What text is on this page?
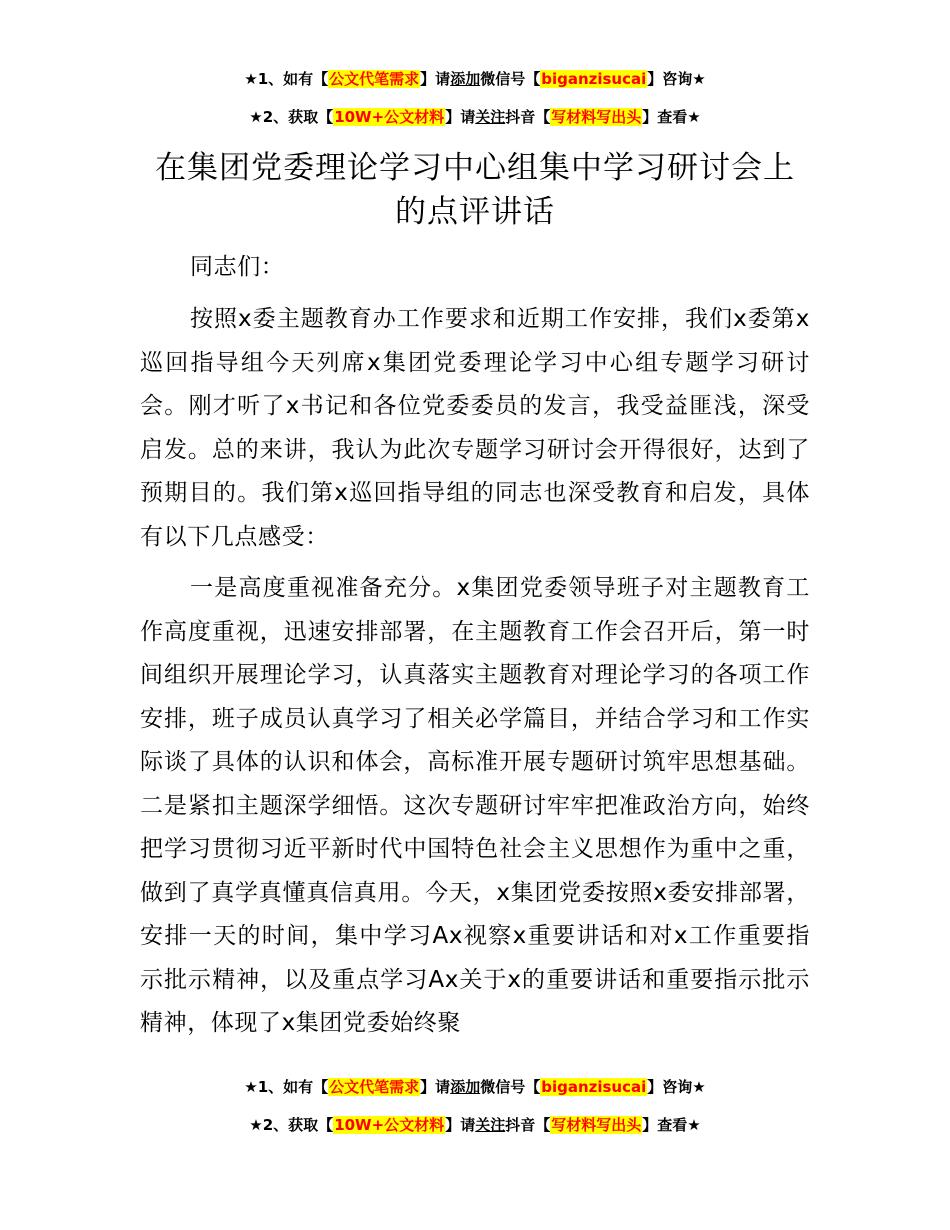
★1、如有【公文代笔需求】请添加微信号【biganzisucai】咨询★
★2、获取【10W+公文材料】请关注抖音【写材料写出头】查看★
在集团党委理论学习中心组集中学习研讨会上的点评讲话

同志们：

按照x委主题教育办工作要求和近期工作安排，我们x委第x巡回指导组今天列席x集团党委理论学习中心组专题学习研讨会。刚才听了x书记和各位党委委员的发言，我受益匪浅，深受启发。总的来讲，我认为此次专题学习研讨会开得很好，达到了预期目的。我们第x巡回指导组的同志也深受教育和启发，具体有以下几点感受：

一是高度重视准备充分。x集团党委领导班子对主题教育工作高度重视，迅速安排部署，在主题教育工作会召开后，第一时间组织开展理论学习，认真落实主题教育对理论学习的各项工作安排，班子成员认真学习了相关必学篇目，并结合学习和工作实际谈了具体的认识和体会，高标准开展专题研讨筑牢思想基础。二是紧扣主题深学细悟。这次专题研讨牢牢把准政治方向，始终把学习贯彻习近平新时代中国特色社会主义思想作为重中之重，做到了真学真懂真信真用。今天，x集团党委按照x委安排部署，安排一天的时间，集中学习Ax视察x重要讲话和对x工作重要指示批示精神，以及重点学习Ax关于x的重要讲话和重要指示批示精神，体现了x集团党委始终聚

★1、如有【公文代笔需求】请添加微信号【biganzisucai】咨询★
★2、获取【10W+公文材料】请关注抖音【写材料写出头】查看★
